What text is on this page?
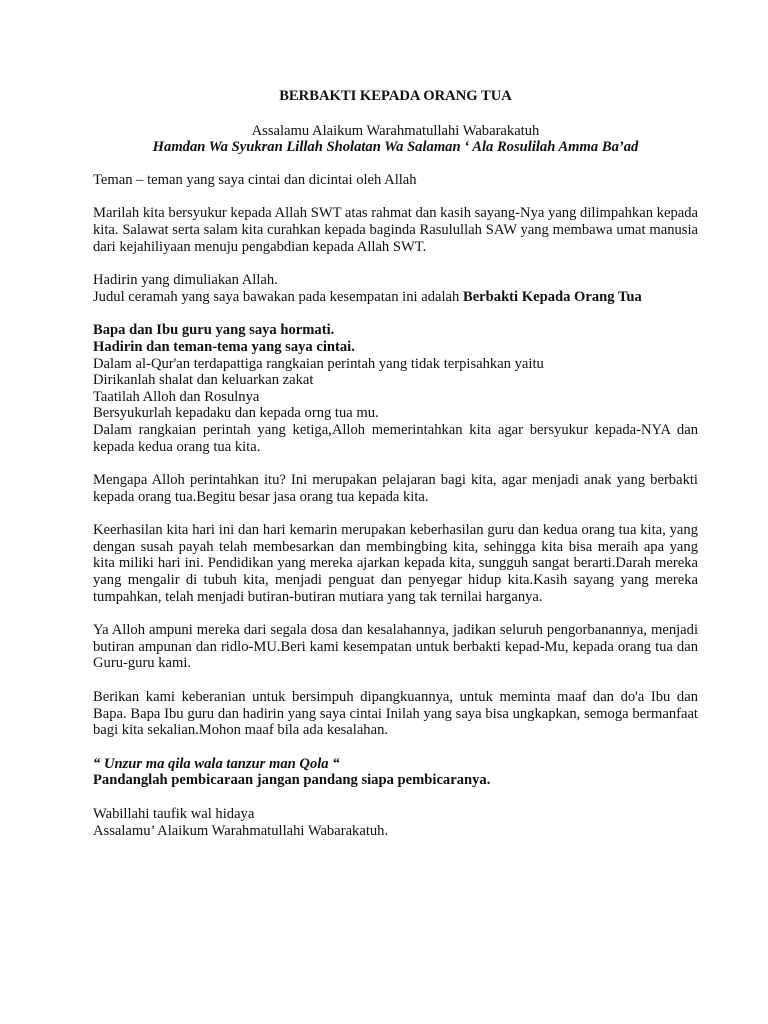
BERBAKTI KEPADA ORANG TUA
Assalamu Alaikum Warahmatullahi Wabarakatuh
Hamdan Wa Syukran Lillah Sholatan Wa Salaman ‘ Ala Rosulilah Amma Ba’ad

Teman – teman yang saya cintai dan dicintai oleh Allah

Marilah kita bersyukur kepada Allah SWT atas rahmat dan kasih sayang-Nya yang dilimpahkan kepada kita. Salawat serta salam kita curahkan kepada baginda Rasulullah SAW yang membawa umat manusia dari kejahiliyaan menuju pengabdian kepada Allah SWT.

Hadirin yang dimuliakan Allah.
Judul ceramah yang saya bawakan pada kesempatan ini adalah Berbakti Kepada Orang Tua

Bapa dan Ibu guru yang saya hormati.
Hadirin dan teman-tema yang saya cintai.
Dalam al-Qur'an terdapattiga rangkaian perintah yang tidak terpisahkan yaitu
Dirikanlah shalat dan keluarkan zakat
Taatilah Alloh dan Rosulnya
Bersyukurlah kepadaku dan kepada orng tua mu.
Dalam rangkaian perintah yang ketiga,Alloh memerintahkan kita agar bersyukur kepada-NYA dan kepada kedua orang tua kita.

Mengapa Alloh perintahkan itu? Ini merupakan pelajaran bagi kita, agar menjadi anak yang berbakti kepada orang tua.Begitu besar jasa orang tua kepada kita.

Keerhasilan kita hari ini dan hari kemarin merupakan keberhasilan guru dan kedua orang tua kita, yang dengan susah payah telah membesarkan dan membingbing kita, sehingga kita bisa meraih apa yang kita miliki hari ini. Pendidikan yang mereka ajarkan kepada kita, sungguh sangat berarti.Darah mereka yang mengalir di tubuh kita, menjadi penguat dan penyegar hidup kita.Kasih sayang yang mereka tumpahkan, telah menjadi butiran-butiran mutiara yang tak ternilai harganya.

Ya Alloh ampuni mereka dari segala dosa dan kesalahannya, jadikan seluruh pengorbanannya, menjadi butiran ampunan dan ridlo-MU.Beri kami kesempatan untuk berbakti kepad-Mu, kepada orang tua dan Guru-guru kami.

Berikan kami keberanian untuk bersimpuh dipangkuannya, untuk meminta maaf dan do'a Ibu dan Bapa. Bapa Ibu guru dan hadirin yang saya cintai Inilah yang saya bisa ungkapkan, semoga bermanfaat bagi kita sekalian.Mohon maaf bila ada kesalahan.

“ Unzur ma qila wala tanzur man Qola “
Pandanglah pembicaraan jangan pandang siapa pembicaranya.

Wabillahi taufik wal hidaya
Assalamu’ Alaikum Warahmatullahi Wabarakatuh.
